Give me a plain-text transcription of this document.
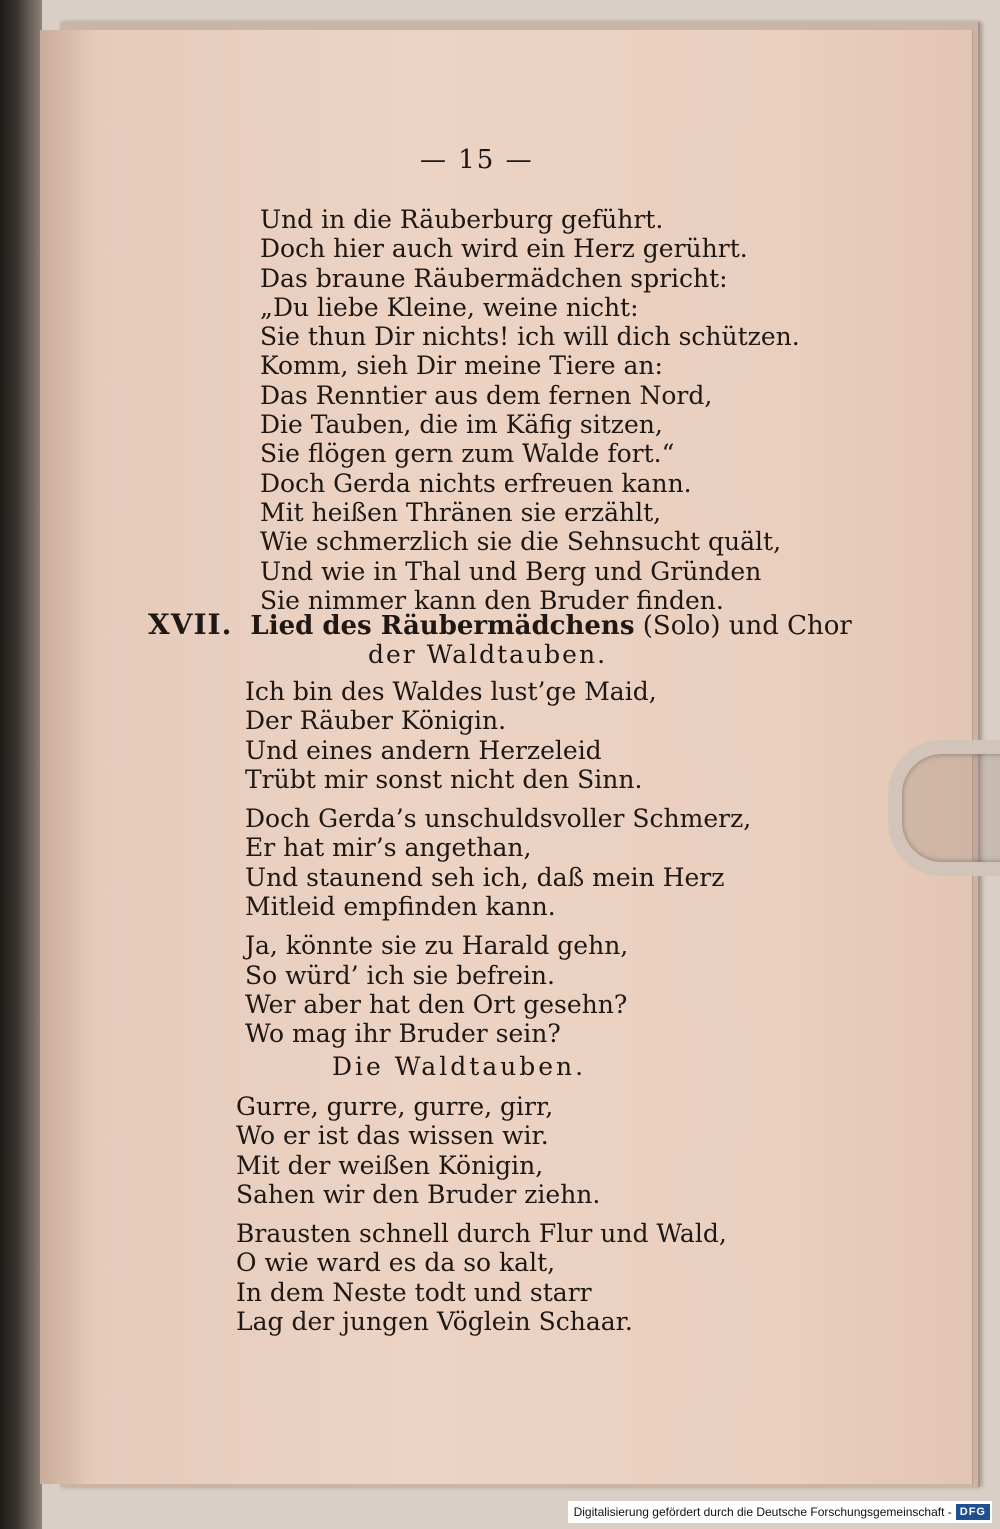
— 15 —
Und in die Räuberburg geführt.
Doch hier auch wird ein Herz gerührt.
Das braune Räubermädchen spricht:
„Du liebe Kleine, weine nicht:
Sie thun Dir nichts! ich will dich schützen.
Komm, sieh Dir meine Tiere an:
Das Renntier aus dem fernen Nord,
Die Tauben, die im Käfig sitzen,
Sie flögen gern zum Walde fort.“
Doch Gerda nichts erfreuen kann.
Mit heißen Thränen sie erzählt,
Wie schmerzlich sie die Sehnsucht quält,
Und wie in Thal und Berg und Gründen
Sie nimmer kann den Bruder finden.
XVII. Lied des Räubermädchens (Solo) und Chor
der Waldtauben.
Ich bin des Waldes lust’ge Maid,
Der Räuber Königin.
Und eines andern Herzeleid
Trübt mir sonst nicht den Sinn.
Doch Gerda’s unschuldsvoller Schmerz,
Er hat mir’s angethan,
Und staunend seh ich, daß mein Herz
Mitleid empfinden kann.
Ja, könnte sie zu Harald gehn,
So würd’ ich sie befrein.
Wer aber hat den Ort gesehn?
Wo mag ihr Bruder sein?
Die Waldtauben.
Gurre, gurre, gurre, girr,
Wo er ist das wissen wir.
Mit der weißen Königin,
Sahen wir den Bruder ziehn.
Brausten schnell durch Flur und Wald,
O wie ward es da so kalt,
In dem Neste todt und starr
Lag der jungen Vöglein Schaar.
Digitalisierung gefördert durch die Deutsche Forschungsgemeinschaft - DFG
